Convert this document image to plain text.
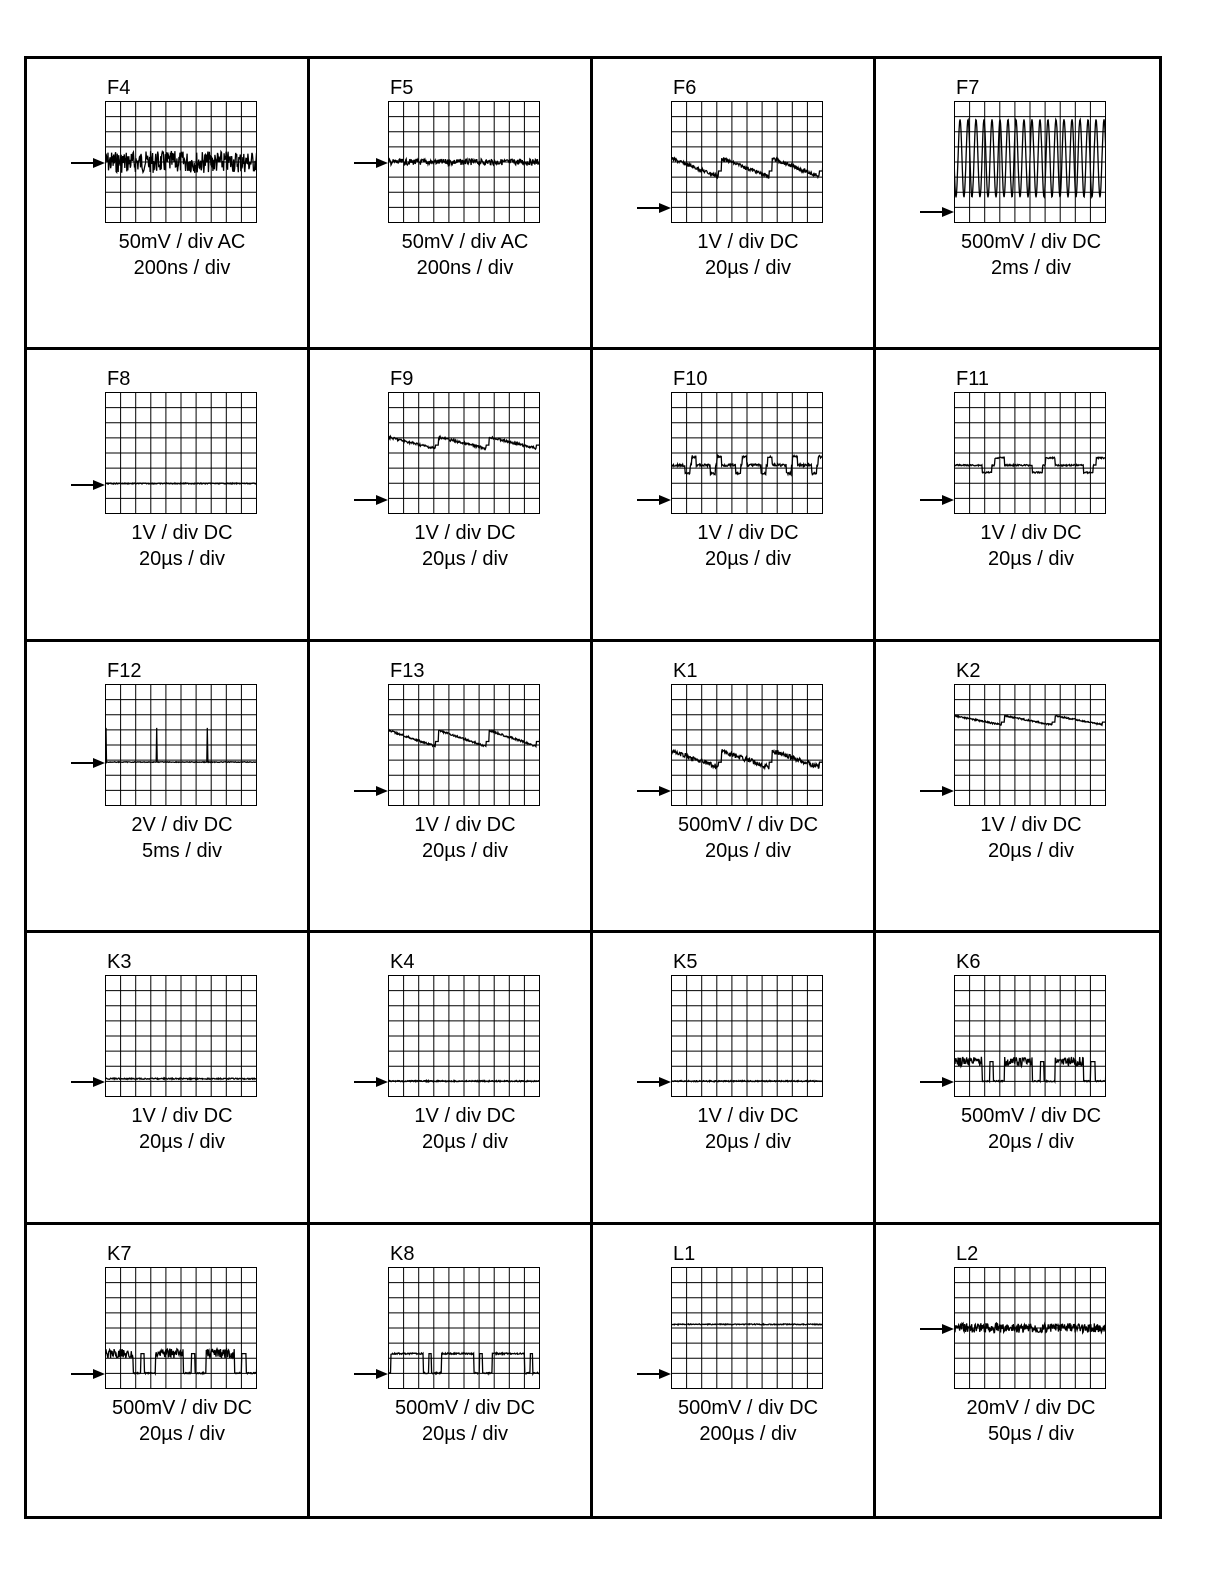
F4
50mV / div AC
200ns / div
F5
50mV / div AC
200ns / div
F6
1V / div DC
20µs / div
F7
500mV / div DC
2ms / div
F8
1V / div DC
20µs / div
F9
1V / div DC
20µs / div
F10
1V / div DC
20µs / div
F11
1V / div DC
20µs / div
F12
2V / div DC
5ms / div
F13
1V / div DC
20µs / div
K1
500mV / div DC
20µs / div
K2
1V / div DC
20µs / div
K3
1V / div DC
20µs / div
K4
1V / div DC
20µs / div
K5
1V / div DC
20µs / div
K6
500mV / div DC
20µs / div
K7
500mV / div DC
20µs / div
K8
500mV / div DC
20µs / div
L1
500mV / div DC
200µs / div
L2
20mV / div DC
50µs / div
